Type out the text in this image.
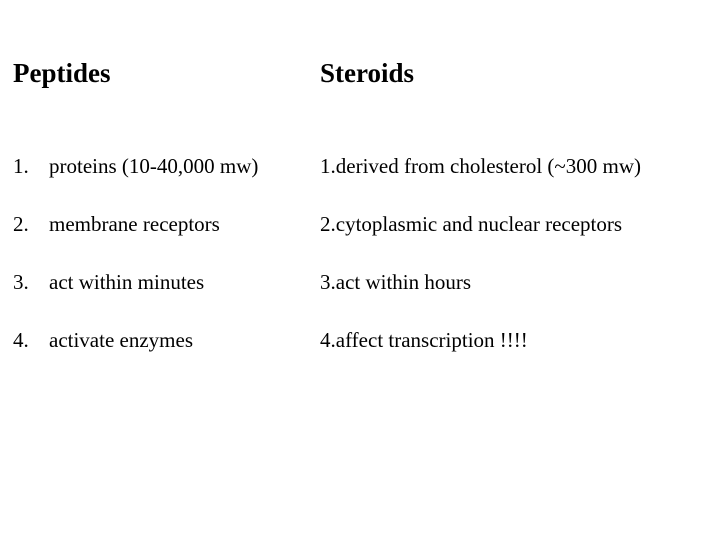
Peptides	Steroids
1. proteins (10-40,000 mw)	1.derived from cholesterol (~300 mw)
2. membrane receptors	2.cytoplasmic and nuclear receptors
3. act within minutes	3.act within hours
4. activate enzymes	4.affect transcription !!!!
